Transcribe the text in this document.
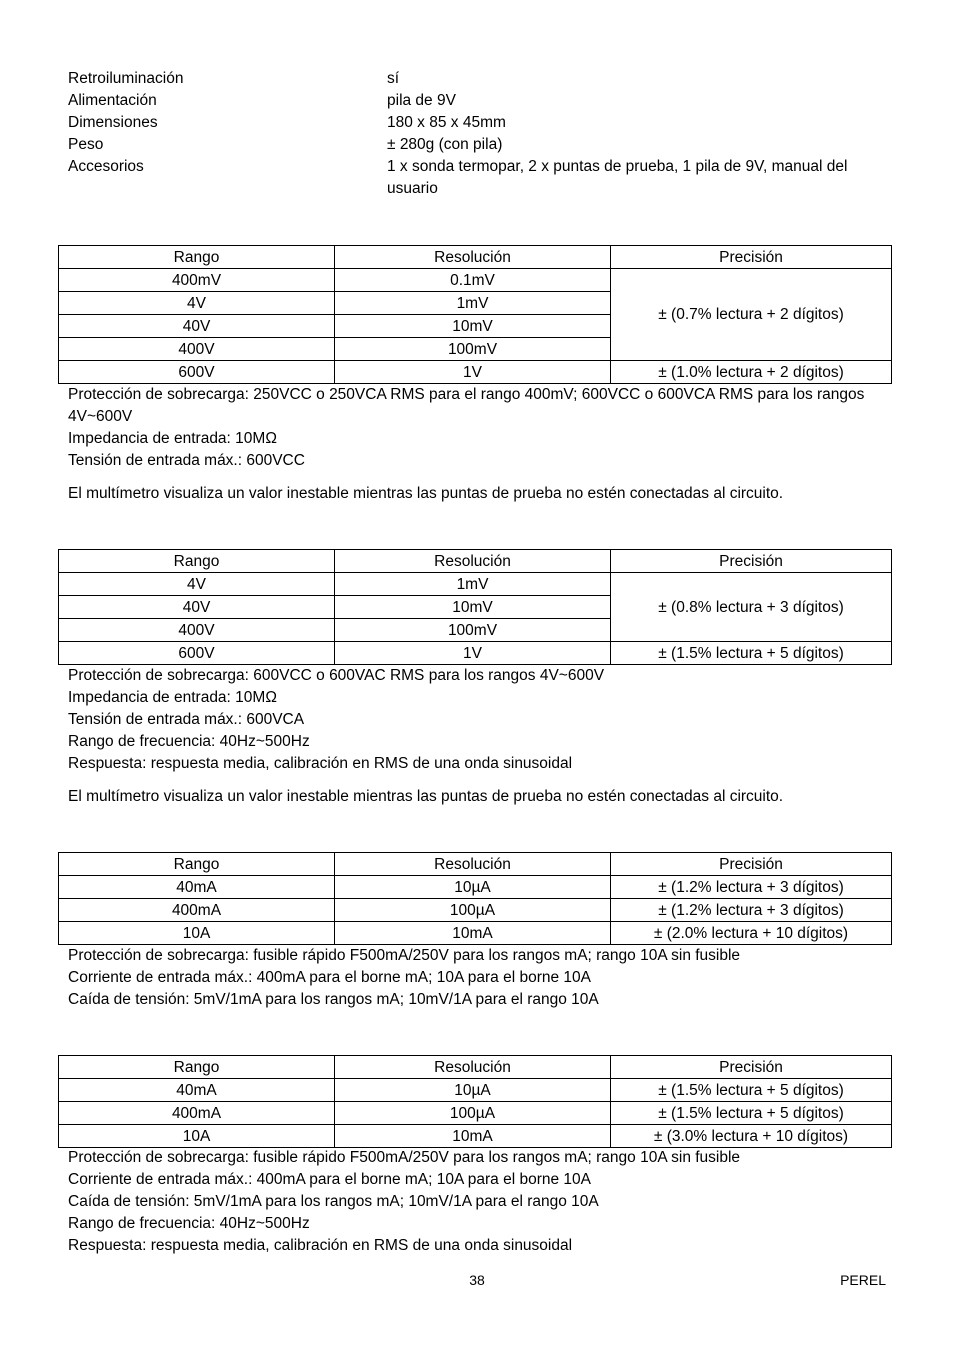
Retroiluminación	sí
Alimentación	pila de 9V
Dimensiones	180 x 85 x 45mm
Peso	± 280g (con pila)
Accesorios	1 x sonda termopar, 2 x puntas de prueba, 1 pila de 9V, manual del usuario
Rango	Resolución	Precisión
400mV	0.1mV	± (0.7% lectura + 2 dígitos)
4V	1mV	
40V	10mV	
400V	100mV	
600V	1V	± (1.0% lectura + 2 dígitos)

Protección de sobrecarga: 250VCC o 250VCA RMS para el rango 400mV; 600VCC o 600VCA RMS para los rangos 4V~600V

Impedancia de entrada: 10MΩ

Tensión de entrada máx.: 600VCC

El multímetro visualiza un valor inestable mientras las puntas de prueba no estén conectadas al circuito.

Rango	Resolución	Precisión
4V	1mV	± (0.8% lectura + 3 dígitos)
40V	10mV	
400V	100mV	
600V	1V	± (1.5% lectura + 5 dígitos)

Protección de sobrecarga: 600VCC o 600VAC RMS para los rangos 4V~600V

Impedancia de entrada: 10MΩ

Tensión de entrada máx.: 600VCA

Rango de frecuencia: 40Hz~500Hz

Respuesta: respuesta media, calibración en RMS de una onda sinusoidal

El multímetro visualiza un valor inestable mientras las puntas de prueba no estén conectadas al circuito.

Rango	Resolución	Precisión
40mA	10µA	± (1.2% lectura + 3 dígitos)
400mA	100µA	± (1.2% lectura + 3 dígitos)
10A	10mA	± (2.0% lectura + 10 dígitos)

Protección de sobrecarga: fusible rápido F500mA/250V para los rangos mA; rango 10A sin fusible

Corriente de entrada máx.: 400mA para el borne mA; 10A para el borne 10A

Caída de tensión: 5mV/1mA para los rangos mA; 10mV/1A para el rango 10A

Rango	Resolución	Precisión
40mA	10µA	± (1.5% lectura + 5 dígitos)
400mA	100µA	± (1.5% lectura + 5 dígitos)
10A	10mA	± (3.0% lectura + 10 dígitos)

Protección de sobrecarga: fusible rápido F500mA/250V para los rangos mA; rango 10A sin fusible

Corriente de entrada máx.: 400mA para el borne mA; 10A para el borne 10A

Caída de tensión: 5mV/1mA para los rangos mA; 10mV/1A para el rango 10A

Rango de frecuencia: 40Hz~500Hz

Respuesta: respuesta media, calibración en RMS de una onda sinusoidal

38	PEREL
